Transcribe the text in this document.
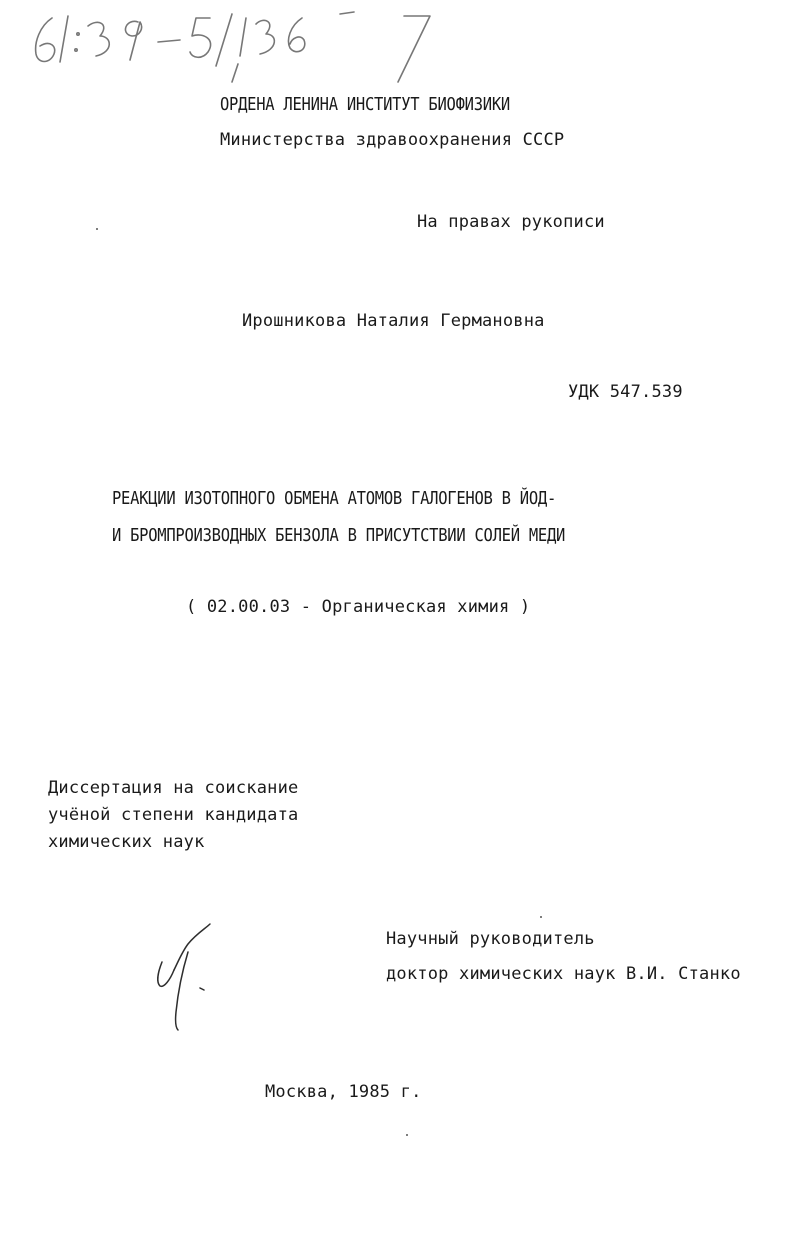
ОРДЕНА ЛЕНИНА ИНСТИТУТ БИОФИЗИКИ
Министерства здравоохранения СССР
На правах рукописи
Ирошникова Наталия Германовна
УДК 547.539
РЕАКЦИИ ИЗОТОПНОГО ОБМЕНА АТОМОВ ГАЛОГЕНОВ В ЙОД-
И БРОМПРОИЗВОДНЫХ БЕНЗОЛА В ПРИСУТСТВИИ СОЛЕЙ МЕДИ
( 02.00.03 - Органическая химия )
Диссертация на соискание
учёной степени кандидата
химических наук
Научный руководитель
доктор химических наук В.И. Станко
Москва, 1985 г.
